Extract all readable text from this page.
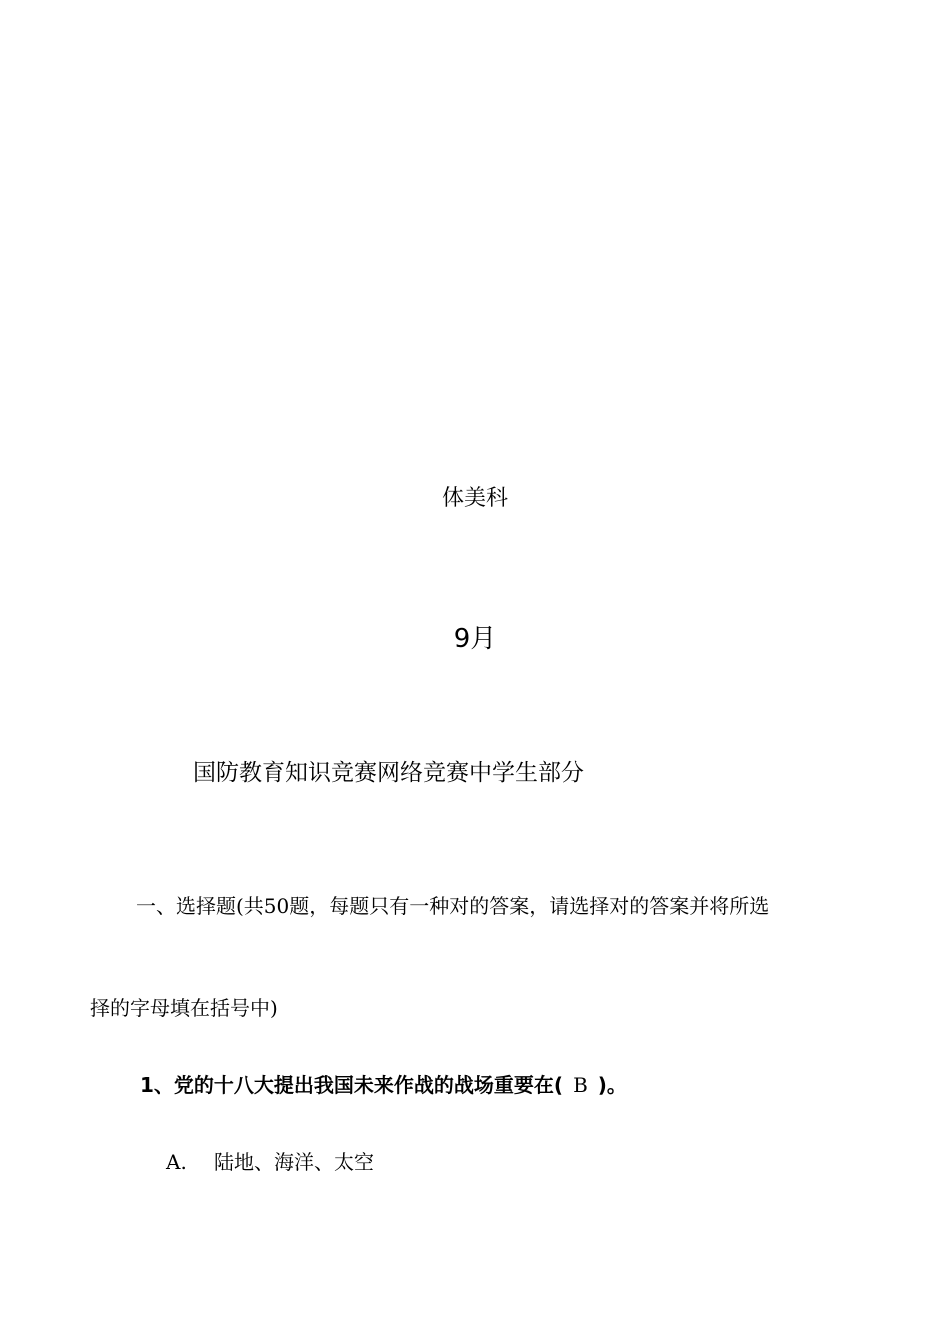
体美科
9月
国防教育知识竞赛网络竞赛中学生部分
一、选择题(共50题，每题只有一种对的答案，请选择对的答案并将所选
择的字母填在括号中)
1、党的十八大提出我国未来作战的战场重要在( B )。
A. 陆地、海洋、太空
